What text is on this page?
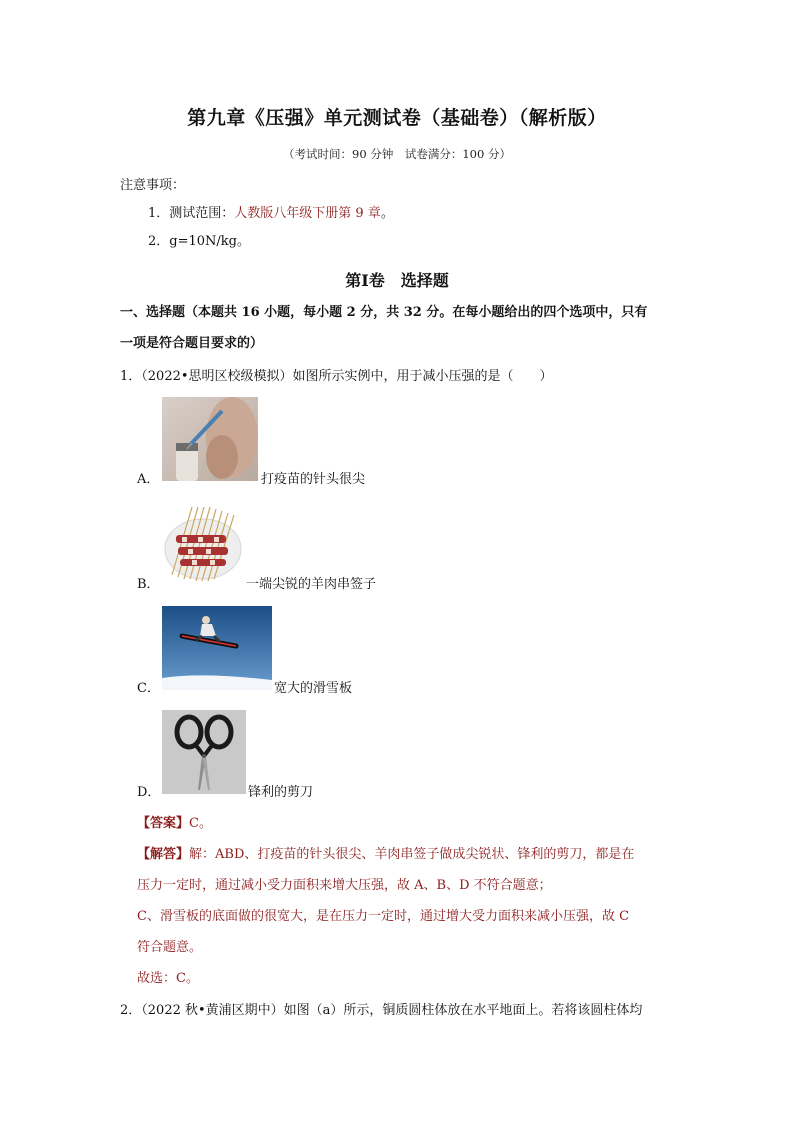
第九章《压强》单元测试卷（基础卷）（解析版）
（考试时间：90 分钟　试卷满分：100 分）
注意事项：
1．测试范围：人教版八年级下册第 9 章。
2．g=10N/kg。
第Ⅰ卷　选择题
一、选择题（本题共 16 小题，每小题 2 分，共 32 分。在每小题给出的四个选项中，只有
一项是符合题目要求的）
1．（2022•思明区校级模拟）如图所示实例中，用于减小压强的是（　　）
A．	打疫苗的针头很尖
B．	一端尖锐的羊肉串签子
C．	宽大的滑雪板
D．	锋利的剪刀
【答案】C。
【解答】解：ABD、打疫苗的针头很尖、羊肉串签子做成尖锐状、锋利的剪刀，都是在
压力一定时，通过减小受力面积来增大压强，故 A、B、D 不符合题意；
C、滑雪板的底面做的很宽大，是在压力一定时，通过增大受力面积来减小压强，故 C
符合题意。
故选：C。
2．（2022 秋•黄浦区期中）如图（a）所示，铜质圆柱体放在水平地面上。若将该圆柱体均
